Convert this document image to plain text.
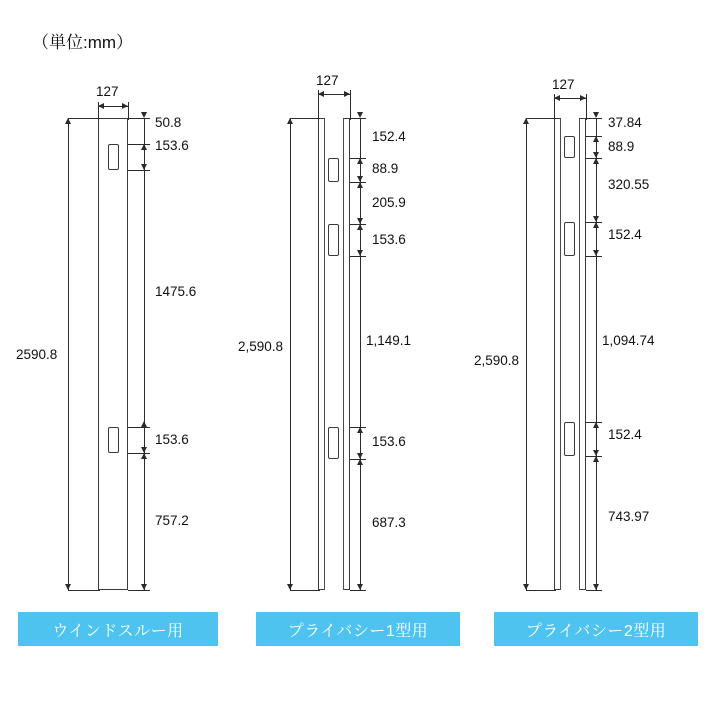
（単位:mm）
127
2590.8
50.8
153.6
1475.6
153.6
757.2
ウインドスルー用
127
2,590.8
152.4
88.9
205.9
153.6
153.6
687.3
1,149.1
プライバシー1型用
127
2,590.8
37.84
88.9
320.55
152.4
152.4
743.97
1,094.74
プライバシー2型用
